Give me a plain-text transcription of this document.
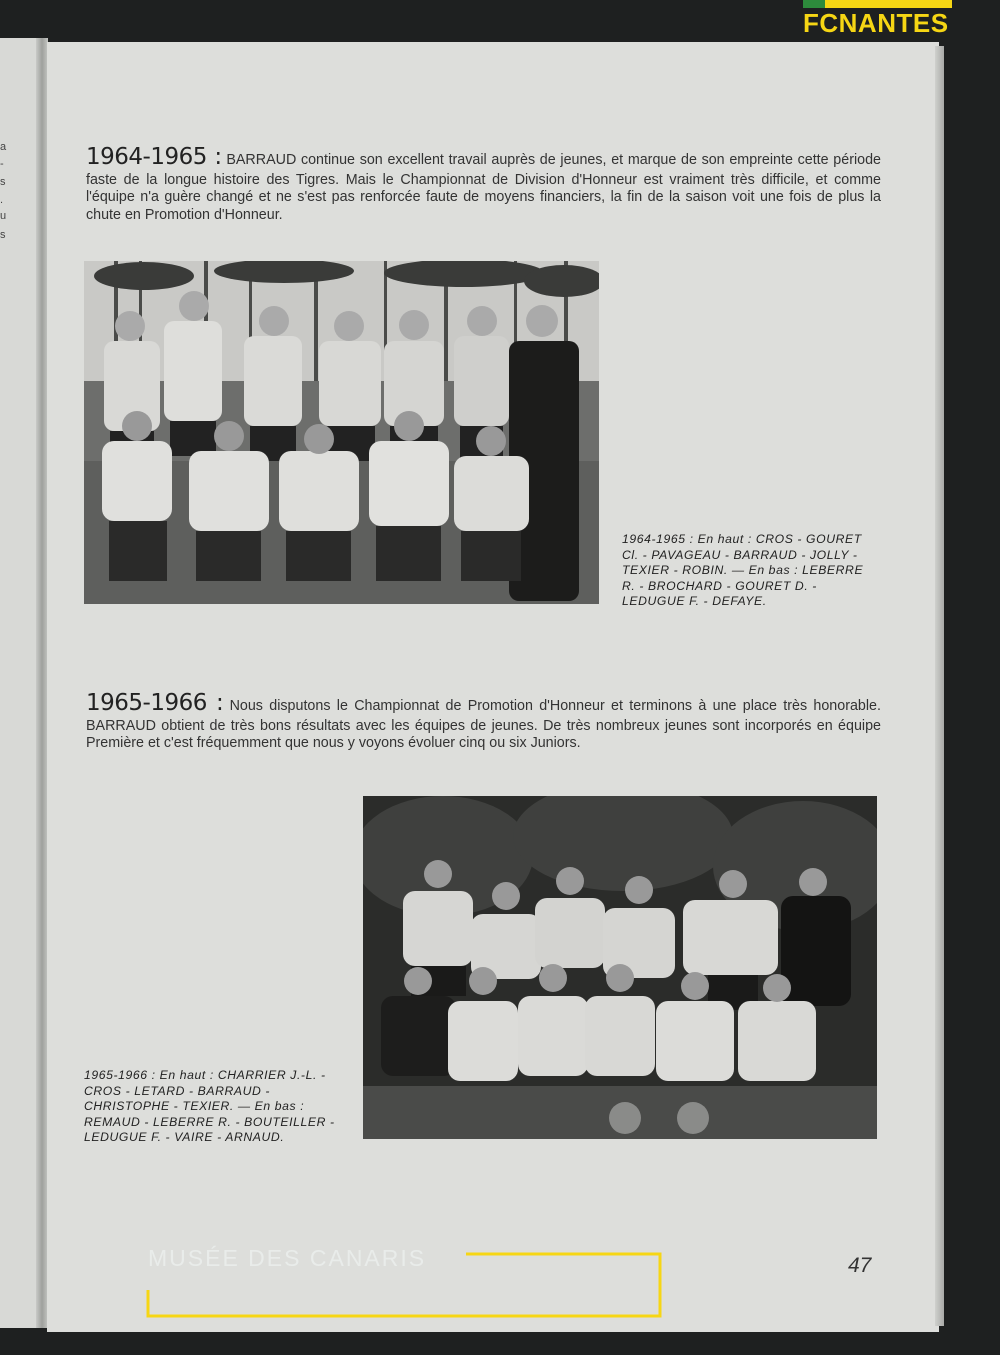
a
-
s
.
u
s
FCNANTES

1964-1965 : BARRAUD continue son excellent travail auprès de jeunes, et marque de son empreinte cette période faste de la longue histoire des Tigres. Mais le Championnat de Division d'Honneur est vraiment très difficile, et comme l'équipe n'a guère changé et ne s'est pas renforcée faute de moyens financiers, la fin de la saison voit une fois de plus la chute en Promotion d'Honneur.

1964-1965 : En haut : CROS - GOURET Cl. - PAVAGEAU - BARRAUD - JOLLY - TEXIER - ROBIN. — En bas : LEBERRE R. - BROCHARD - GOURET D. - LEDUGUE F. - DEFAYE.

1965-1966 : Nous disputons le Championnat de Promotion d'Honneur et terminons à une place très honorable. BARRAUD obtient de très bons résultats avec les équipes de jeunes. De très nombreux jeunes sont incorporés en équipe Première et c'est fréquemment que nous y voyons évoluer cinq ou six Juniors.

1965-1966 : En haut : CHARRIER J.-L. - CROS - LETARD - BARRAUD - CHRISTOPHE - TEXIER. — En bas : REMAUD - LEBERRE R. - BOUTEILLER - LEDUGUE F. - VAIRE - ARNAUD.

MUSÉE DES CANARIS	47
